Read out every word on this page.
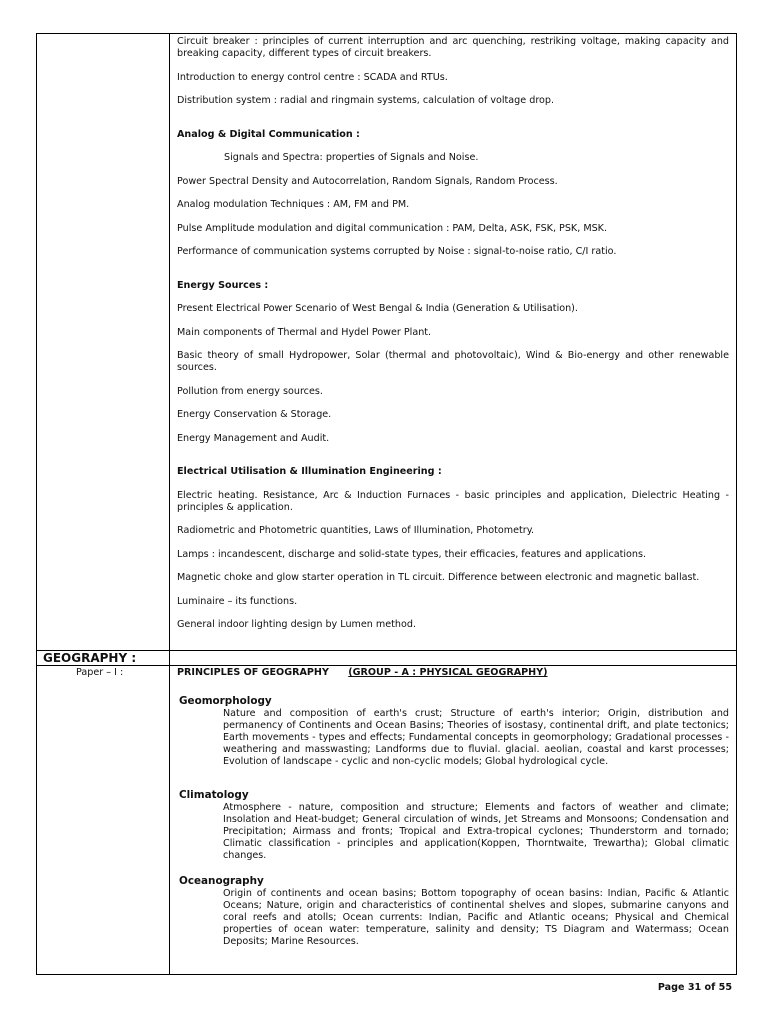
Circuit breaker : principles of current interruption and arc quenching, restriking voltage, making capacity and breaking capacity, different types of circuit breakers.

Introduction to energy control centre : SCADA and RTUs.

Distribution system : radial and ringmain systems, calculation of voltage drop.

Analog & Digital Communication :

Signals and Spectra: properties of Signals and Noise.

Power Spectral Density and Autocorrelation, Random Signals, Random Process.

Analog modulation Techniques : AM, FM and PM.

Pulse Amplitude modulation and digital communication : PAM, Delta, ASK, FSK, PSK, MSK.

Performance of communication systems corrupted by Noise : signal-to-noise ratio, C/I ratio.

Energy Sources :

Present Electrical Power Scenario of West Bengal & India (Generation & Utilisation).

Main components of Thermal and Hydel Power Plant.

Basic theory of small Hydropower, Solar (thermal and photovoltaic), Wind & Bio-energy and other renewable sources.

Pollution from energy sources.

Energy Conservation & Storage.

Energy Management and Audit.

Electrical Utilisation & Illumination Engineering :

Electric heating. Resistance, Arc & Induction Furnaces - basic principles and application, Dielectric Heating - principles & application.

Radiometric and Photometric quantities, Laws of Illumination, Photometry.

Lamps : incandescent, discharge and solid-state types, their efficacies, features and applications.

Magnetic choke and glow starter operation in TL circuit. Difference between electronic and magnetic ballast.

Luminaire – its functions.

General indoor lighting design by Lumen method.

GEOGRAPHY :
Paper – I :	PRINCIPLES OF GEOGRAPHY (GROUP - A : PHYSICAL GEOGRAPHY)
Geomorphology
Nature and composition of earth's crust; Structure of earth's interior; Origin, distribution and permanency of Continents and Ocean Basins; Theories of isostasy, continental drift, and plate tectonics; Earth movements - types and effects; Fundamental concepts in geomorphology; Gradational processes - weathering and masswasting; Landforms due to fluvial. glacial. aeolian, coastal and karst processes; Evolution of landscape - cyclic and non-cyclic models; Global hydrological cycle.
Climatology
Atmosphere - nature, composition and structure; Elements and factors of weather and climate; Insolation and Heat-budget; General circulation of winds, Jet Streams and Monsoons; Condensation and Precipitation; Airmass and fronts; Tropical and Extra-tropical cyclones; Thunderstorm and tornado; Climatic classification - principles and application(Koppen, Thorntwaite, Trewartha); Global climatic changes.
Oceanography
Origin of continents and ocean basins; Bottom topography of ocean basins: Indian, Pacific & Atlantic Oceans; Nature, origin and characteristics of continental shelves and slopes, submarine canyons and coral reefs and atolls; Ocean currents: Indian, Pacific and Atlantic oceans; Physical and Chemical properties of ocean water: temperature, salinity and density; TS Diagram and Watermass; Ocean Deposits; Marine Resources.
Page 31 of 55
